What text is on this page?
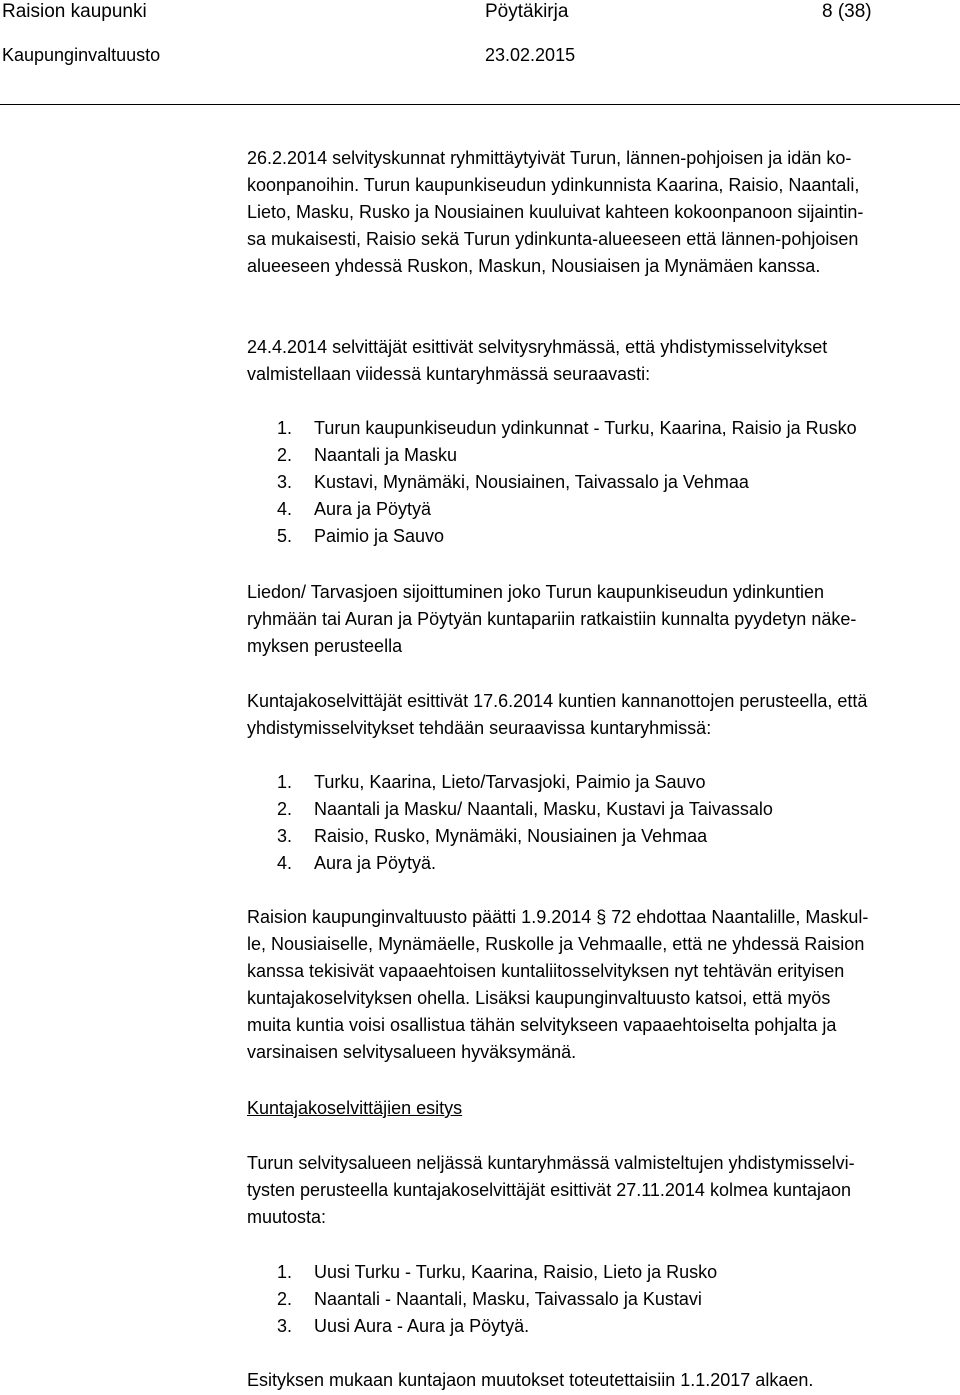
Raision kaupunki	Pöytäkirja	8 (38)
Kaupunginvaltuusto	23.02.2015

26.2.2014 selvityskunnat ryhmittäytyivät Turun, lännen-pohjoisen ja idän ko-
koonpanoihin. Turun kaupunkiseudun ydinkunnista Kaarina, Raisio, Naantali,
Lieto, Masku, Rusko ja Nousiainen kuuluivat kahteen kokoonpanoon sijaintin-
sa mukaisesti, Raisio sekä Turun ydinkunta-alueeseen että lännen-pohjoisen
alueeseen yhdessä Ruskon, Maskun, Nousiaisen ja Mynämäen kanssa.

24.4.2014 selvittäjät esittivät selvitysryhmässä, että yhdistymisselvitykset
valmistellaan viidessä kuntaryhmässä seuraavasti:

1. Turun kaupunkiseudun ydinkunnat - Turku, Kaarina, Raisio ja Rusko
2. Naantali ja Masku
3. Kustavi, Mynämäki, Nousiainen, Taivassalo ja Vehmaa
4. Aura ja Pöytyä
5. Paimio ja Sauvo

Liedon/ Tarvasjoen sijoittuminen joko Turun kaupunkiseudun ydinkuntien
ryhmään tai Auran ja Pöytyän kuntapariin ratkaistiin kunnalta pyydetyn näke-
myksen perusteella

Kuntajakoselvittäjät esittivät 17.6.2014 kuntien kannanottojen perusteella, että
yhdistymisselvitykset tehdään seuraavissa kuntaryhmissä:

1. Turku, Kaarina, Lieto/Tarvasjoki, Paimio ja Sauvo
2. Naantali ja Masku/ Naantali, Masku, Kustavi ja Taivassalo
3. Raisio, Rusko, Mynämäki, Nousiainen ja Vehmaa
4. Aura ja Pöytyä.

Raision kaupunginvaltuusto päätti 1.9.2014 § 72 ehdottaa Naantalille, Maskul-
le, Nousiaiselle, Mynämäelle, Ruskolle ja Vehmaalle, että ne yhdessä Raision
kanssa tekisivät vapaaehtoisen kuntaliitosselvityksen nyt tehtävän erityisen
kuntajakoselvityksen ohella. Lisäksi kaupunginvaltuusto katsoi, että myös
muita kuntia voisi osallistua tähän selvitykseen vapaaehtoiselta pohjalta ja
varsinaisen selvitysalueen hyväksymänä.

Kuntajakoselvittäjien esitys

Turun selvitysalueen neljässä kuntaryhmässä valmisteltujen yhdistymisselvi-
tysten perusteella kuntajakoselvittäjät esittivät 27.11.2014 kolmea kuntajaon
muutosta:

1. Uusi Turku - Turku, Kaarina, Raisio, Lieto ja Rusko
2. Naantali - Naantali, Masku, Taivassalo ja Kustavi
3. Uusi Aura - Aura ja Pöytyä.

Esityksen mukaan kuntajaon muutokset toteutettaisiin 1.1.2017 alkaen.
